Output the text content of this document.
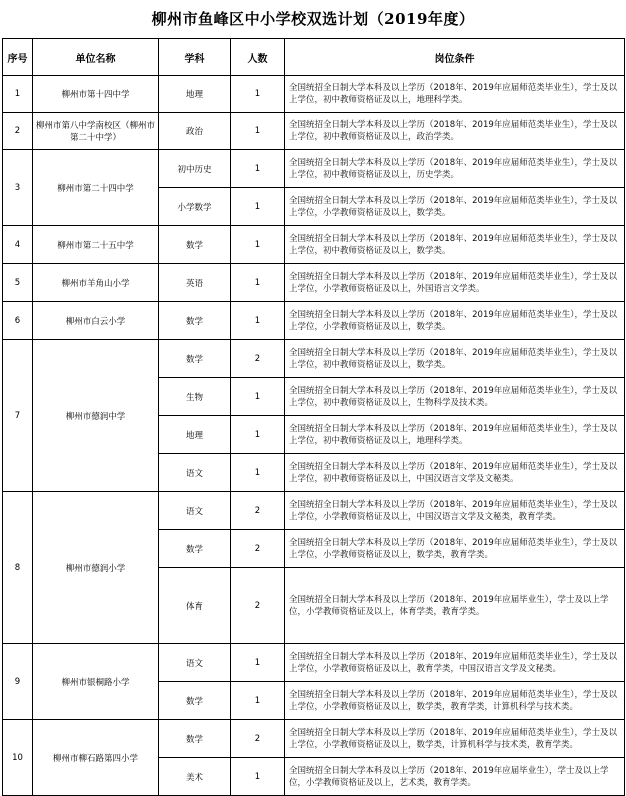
柳州市鱼峰区中小学校双选计划（2019年度）
序号	单位名称	学科	人数	岗位条件
1	柳州市第十四中学	地理	1	全国统招全日制大学本科及以上学历（2018年、2019年应届师范类毕业生），学士及以上学位，初中教师资格证及以上，地理科学类。
2	柳州市第八中学南校区（柳州市第二十中学）	政治	1	全国统招全日制大学本科及以上学历（2018年、2019年应届师范类毕业生），学士及以上学位，初中教师资格证及以上，政治学类。
3	柳州市第二十四中学	初中历史	1	全国统招全日制大学本科及以上学历（2018年、2019年应届师范类毕业生），学士及以上学位，初中教师资格证及以上，历史学类。
		小学数学	1	全国统招全日制大学本科及以上学历（2018年、2019年应届师范类毕业生），学士及以上学位，小学教师资格证及以上，数学类。
4	柳州市第二十五中学	数学	1	全国统招全日制大学本科及以上学历（2018年、2019年应届师范类毕业生），学士及以上学位，初中教师资格证及以上，数学类。
5	柳州市羊角山小学	英语	1	全国统招全日制大学本科及以上学历（2018年、2019年应届师范类毕业生），学士及以上学位，小学教师资格证及以上，外国语言文学类。
6	柳州市白云小学	数学	1	全国统招全日制大学本科及以上学历（2018年、2019年应届师范类毕业生），学士及以上学位，小学教师资格证及以上，数学类。
7	柳州市德润中学	数学	2	全国统招全日制大学本科及以上学历（2018年、2019年应届师范类毕业生），学士及以上学位，初中教师资格证及以上，数学类。
		生物	1	全国统招全日制大学本科及以上学历（2018年、2019年应届师范类毕业生），学士及以上学位，初中教师资格证及以上，生物科学及技术类。
		地理	1	全国统招全日制大学本科及以上学历（2018年、2019年应届师范类毕业生），学士及以上学位，初中教师资格证及以上，地理科学类。
		语文	1	全国统招全日制大学本科及以上学历（2018年、2019年应届师范类毕业生），学士及以上学位，初中教师资格证及以上，中国汉语言文学及文秘类。
8	柳州市德润小学	语文	2	全国统招全日制大学本科及以上学历（2018年、2019年应届师范类毕业生），学士及以上学位，小学教师资格证及以上，中国汉语言文学及文秘类，教育学类。
		数学	2	全国统招全日制大学本科及以上学历（2018年、2019年应届师范类毕业生），学士及以上学位，小学教师资格证及以上，数学类，教育学类。
		体育	2	全国统招全日制大学本科及以上学历（2018年、2019年应届毕业生），学士及以上学位，小学教师资格证及以上，体育学类，教育学类。
9	柳州市银桐路小学	语文	1	全国统招全日制大学本科及以上学历（2018年、2019年应届师范类毕业生），学士及以上学位，小学教师资格证及以上，教育学类，中国汉语言文学及文秘类。
		数学	1	全国统招全日制大学本科及以上学历（2018年、2019年应届师范类毕业生），学士及以上学位，小学教师资格证及以上，数学类，教育学类，计算机科学与技术类。
10	柳州市柳石路第四小学	数学	2	全国统招全日制大学本科及以上学历（2018年、2019年应届师范类毕业生），学士及以上学位，小学教师资格证及以上，数学类，计算机科学与技术类，教育学类。
		美术	1	全国统招全日制大学本科及以上学历（2018年、2019年应届毕业生），学士及以上学位，小学教师资格证及以上，艺术类，教育学类。
